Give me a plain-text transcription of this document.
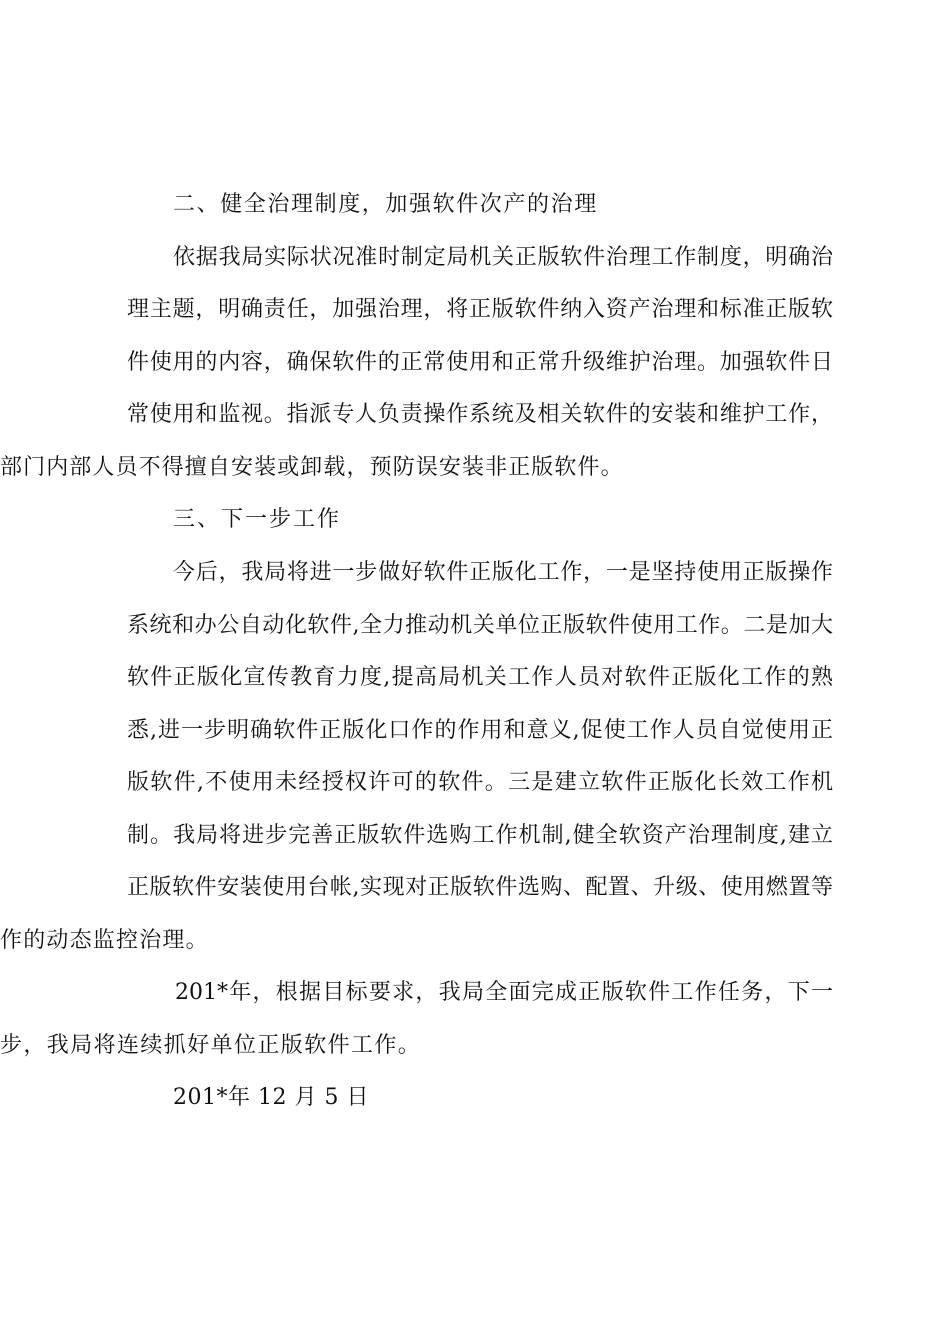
二、健全治理制度，加强软件次产的治理

依据我局实际状况准时制定局机关正版软件治理工作制度，明确治

理主题，明确责任，加强治理，将正版软件纳入资产治理和标准正版软

件使用的内容，确保软件的正常使用和正常升级维护治理。加强软件日

常使用和监视。指派专人负责操作系统及相关软件的安装和维护工作，

部门内部人员不得擅自安装或卸载，预防误安装非正版软件。

三、下一步工作

今后，我局将进一步做好软件正版化工作，一是坚持使用正版操作

系统和办公自动化软件,全力推动机关单位正版软件使用工作。二是加大

软件正版化宣传教育力度,提高局机关工作人员对软件正版化工作的熟

悉,进一步明确软件正版化口作的作用和意义,促使工作人员自觉使用正

版软件,不使用未经授权许可的软件。三是建立软件正版化长效工作机

制。我局将进步完善正版软件选购工作机制,健全软资产治理制度,建立

正版软件安装使用台帐,实现对正版软件选购、配置、升级、使用燃置等

作的动态监控治理。

201*年，根据目标要求，我局全面完成正版软件工作任务，下一

步，我局将连续抓好单位正版软件工作。

201*年 12 月 5 日
